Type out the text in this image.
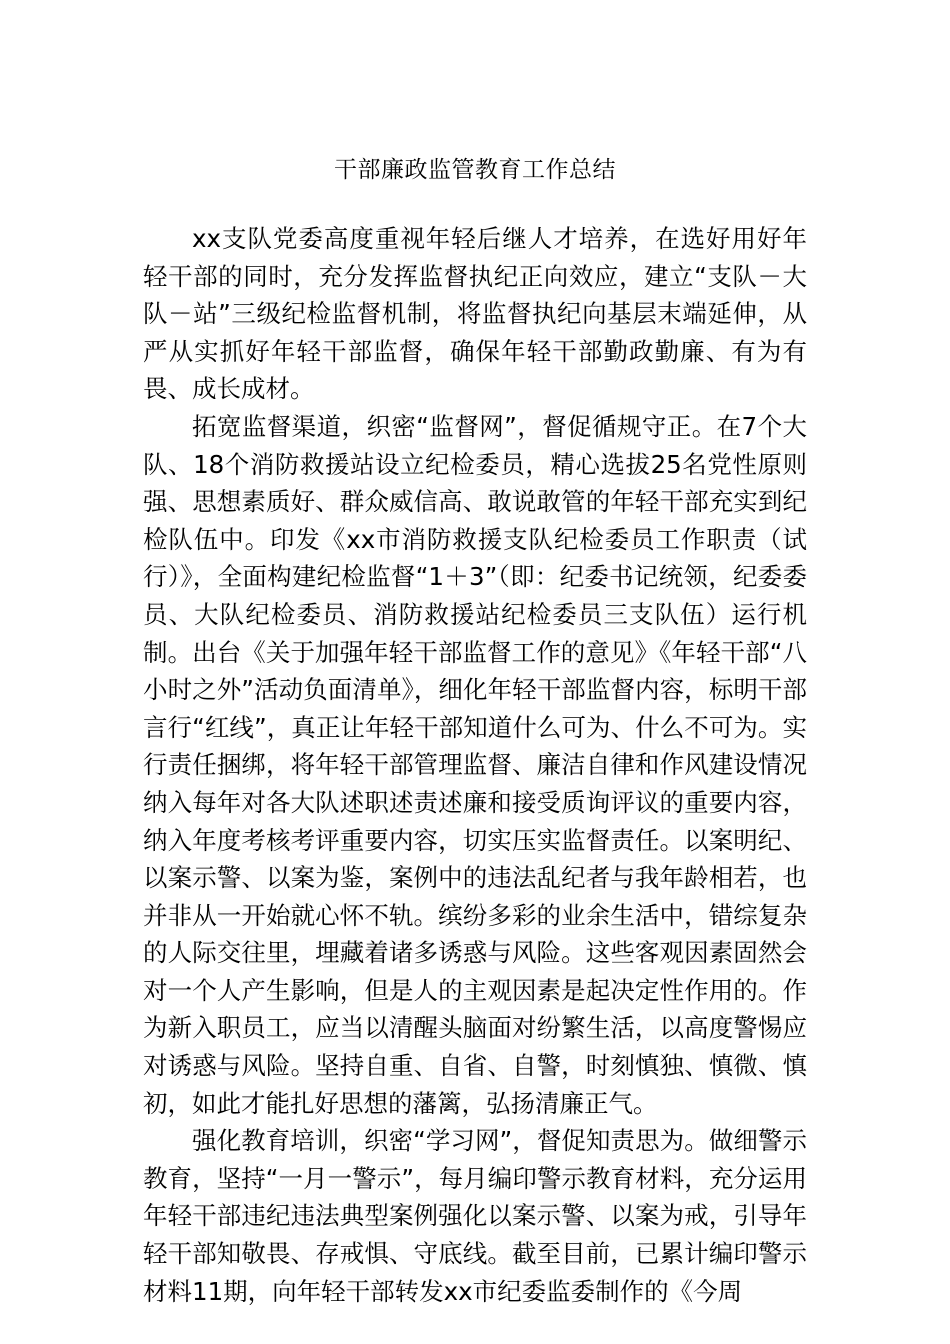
干部廉政监管教育工作总结

xx支队党委高度重视年轻后继人才培养，在选好用好年轻干部的同时，充分发挥监督执纪正向效应，建立“支队－大队－站”三级纪检监督机制，将监督执纪向基层末端延伸，从严从实抓好年轻干部监督，确保年轻干部勤政勤廉、有为有畏、成长成材。

拓宽监督渠道，织密“监督网”，督促循规守正。在7个大队、18个消防救援站设立纪检委员，精心选拔25名党性原则强、思想素质好、群众威信高、敢说敢管的年轻干部充实到纪检队伍中。印发《xx市消防救援支队纪检委员工作职责（试行）》，全面构建纪检监督“1＋3”（即：纪委书记统领，纪委委员、大队纪检委员、消防救援站纪检委员三支队伍）运行机制。出台《关于加强年轻干部监督工作的意见》《年轻干部“八小时之外”活动负面清单》，细化年轻干部监督内容，标明干部言行“红线”，真正让年轻干部知道什么可为、什么不可为。实行责任捆绑，将年轻干部管理监督、廉洁自律和作风建设情况纳入每年对各大队述职述责述廉和接受质询评议的重要内容，纳入年度考核考评重要内容，切实压实监督责任。以案明纪、以案示警、以案为鉴，案例中的违法乱纪者与我年龄相若，也并非从一开始就心怀不轨。缤纷多彩的业余生活中，错综复杂的人际交往里，埋藏着诸多诱惑与风险。这些客观因素固然会对一个人产生影响，但是人的主观因素是起决定性作用的。作为新入职员工，应当以清醒头脑面对纷繁生活，以高度警惕应对诱惑与风险。坚持自重、自省、自警，时刻慎独、慎微、慎初，如此才能扎好思想的藩篱，弘扬清廉正气。

强化教育培训，织密“学习网”，督促知责思为。做细警示教育，坚持“一月一警示”，每月编印警示教育材料，充分运用年轻干部违纪违法典型案例强化以案示警、以案为戒，引导年轻干部知敬畏、存戒惧、守底线。截至目前，已累计编印警示材料11期，向年轻干部转发xx市纪委监委制作的《今周
